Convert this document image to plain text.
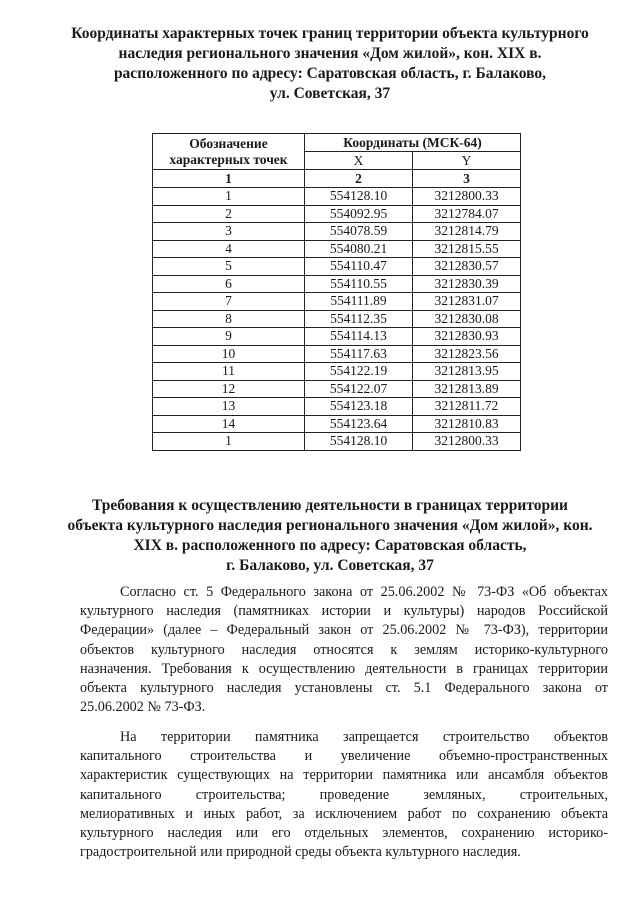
Координаты характерных точек границ территории объекта культурного
наследия регионального значения «Дом жилой», кон. XIX в.
расположенного по адресу: Саратовская область, г. Балаково,
ул. Советская, 37
Обозначение
характерных точек	Координаты (МСК-64)	
	X	Y
1	2	3
1	554128.10	3212800.33
2	554092.95	3212784.07
3	554078.59	3212814.79
4	554080.21	3212815.55
5	554110.47	3212830.57
6	554110.55	3212830.39
7	554111.89	3212831.07
8	554112.35	3212830.08
9	554114.13	3212830.93
10	554117.63	3212823.56
11	554122.19	3212813.95
12	554122.07	3212813.89
13	554123.18	3212811.72
14	554123.64	3212810.83
1	554128.10	3212800.33
Требования к осуществлению деятельности в границах территории
объекта культурного наследия регионального значения «Дом жилой», кон.
XIX в. расположенного по адресу: Саратовская область,
г. Балаково, ул. Советская, 37
Согласно ст. 5 Федерального закона от 25.06.2002 № 73-ФЗ «Об объектах
культурного наследия (памятниках истории и культуры) народов Российской
Федерации» (далее – Федеральный закон от 25.06.2002 № 73-ФЗ), территории
объектов культурного наследия относятся к землям историко-культурного
назначения. Требования к осуществлению деятельности в границах территории
объекта культурного наследия установлены ст. 5.1 Федерального закона от
25.06.2002 № 73-ФЗ.
На территории памятника запрещается строительство объектов
капитального строительства и увеличение объемно-пространственных
характеристик существующих на территории памятника или ансамбля объектов
капитального строительства; проведение земляных, строительных,
мелиоративных и иных работ, за исключением работ по сохранению объекта
культурного наследия или его отдельных элементов, сохранению историко-
градостроительной или природной среды объекта культурного наследия.
